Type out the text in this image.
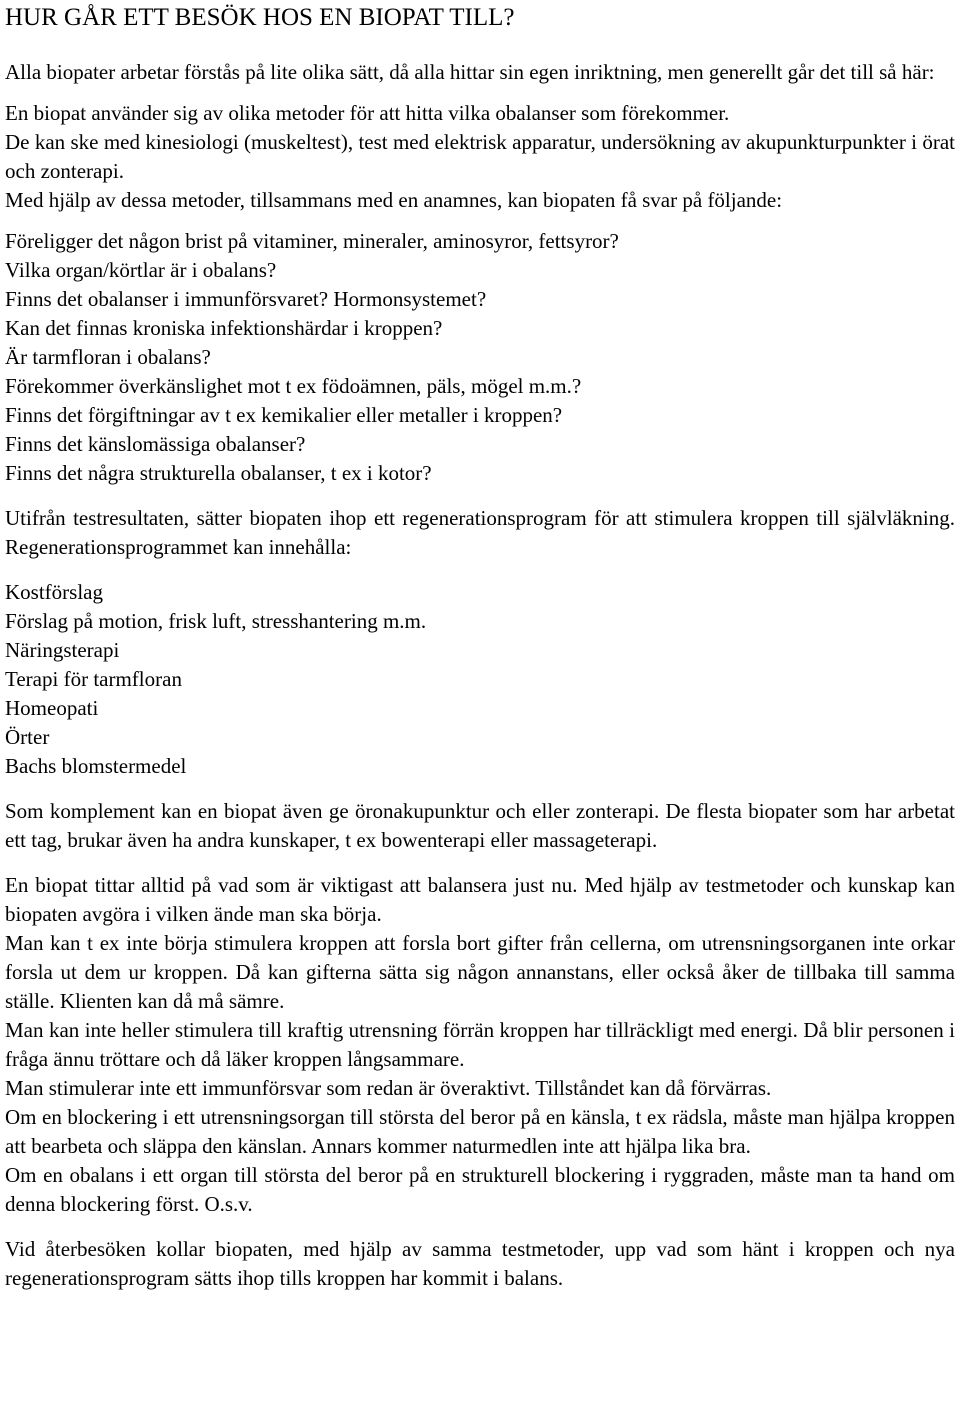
HUR GÅR ETT BESÖK HOS EN BIOPAT TILL?

Alla biopater arbetar förstås på lite olika sätt, då alla hittar sin egen inriktning, men generellt går det till så här:

En biopat använder sig av olika metoder för att hitta vilka obalanser som förekommer.

De kan ske med kinesiologi (muskeltest), test med elektrisk apparatur, undersökning av akupunkturpunkter i örat och zonterapi.

Med hjälp av dessa metoder, tillsammans med en anamnes, kan biopaten få svar på följande:

Föreligger det någon brist på vitaminer, mineraler, aminosyror, fettsyror?

Vilka organ/körtlar är i obalans?

Finns det obalanser i immunförsvaret? Hormonsystemet?

Kan det finnas kroniska infektionshärdar i kroppen?

Är tarmfloran i obalans?

Förekommer överkänslighet mot t ex födoämnen, päls, mögel m.m.?

Finns det förgiftningar av t ex kemikalier eller metaller i kroppen?

Finns det känslomässiga obalanser?

Finns det några strukturella obalanser, t ex i kotor?

Utifrån testresultaten, sätter biopaten ihop ett regenerationsprogram för att stimulera kroppen till självläkning. Regenerationsprogrammet kan innehålla:

Kostförslag

Förslag på motion, frisk luft, stresshantering m.m.

Näringsterapi

Terapi för tarmfloran

Homeopati

Örter

Bachs blomstermedel

Som komplement kan en biopat även ge öronakupunktur och eller zonterapi. De flesta biopater som har arbetat ett tag, brukar även ha andra kunskaper, t ex bowenterapi eller massageterapi.

En biopat tittar alltid på vad som är viktigast att balansera just nu. Med hjälp av testmetoder och kunskap kan biopaten avgöra i vilken ände man ska börja.

Man kan t ex inte börja stimulera kroppen att forsla bort gifter från cellerna, om utrensningsorganen inte orkar forsla ut dem ur kroppen. Då kan gifterna sätta sig någon annanstans, eller också åker de tillbaka till samma ställe. Klienten kan då må sämre.

Man kan inte heller stimulera till kraftig utrensning förrän kroppen har tillräckligt med energi. Då blir personen i fråga ännu tröttare och då läker kroppen långsammare.

Man stimulerar inte ett immunförsvar som redan är överaktivt. Tillståndet kan då förvärras.

Om en blockering i ett utrensningsorgan till största del beror på en känsla, t ex rädsla, måste man hjälpa kroppen att bearbeta och släppa den känslan. Annars kommer naturmedlen inte att hjälpa lika bra.

Om en obalans i ett organ till största del beror på en strukturell blockering i ryggraden, måste man ta hand om denna blockering först. O.s.v.

Vid återbesöken kollar biopaten, med hjälp av samma testmetoder, upp vad som hänt i kroppen och nya regenerationsprogram sätts ihop tills kroppen har kommit i balans.
